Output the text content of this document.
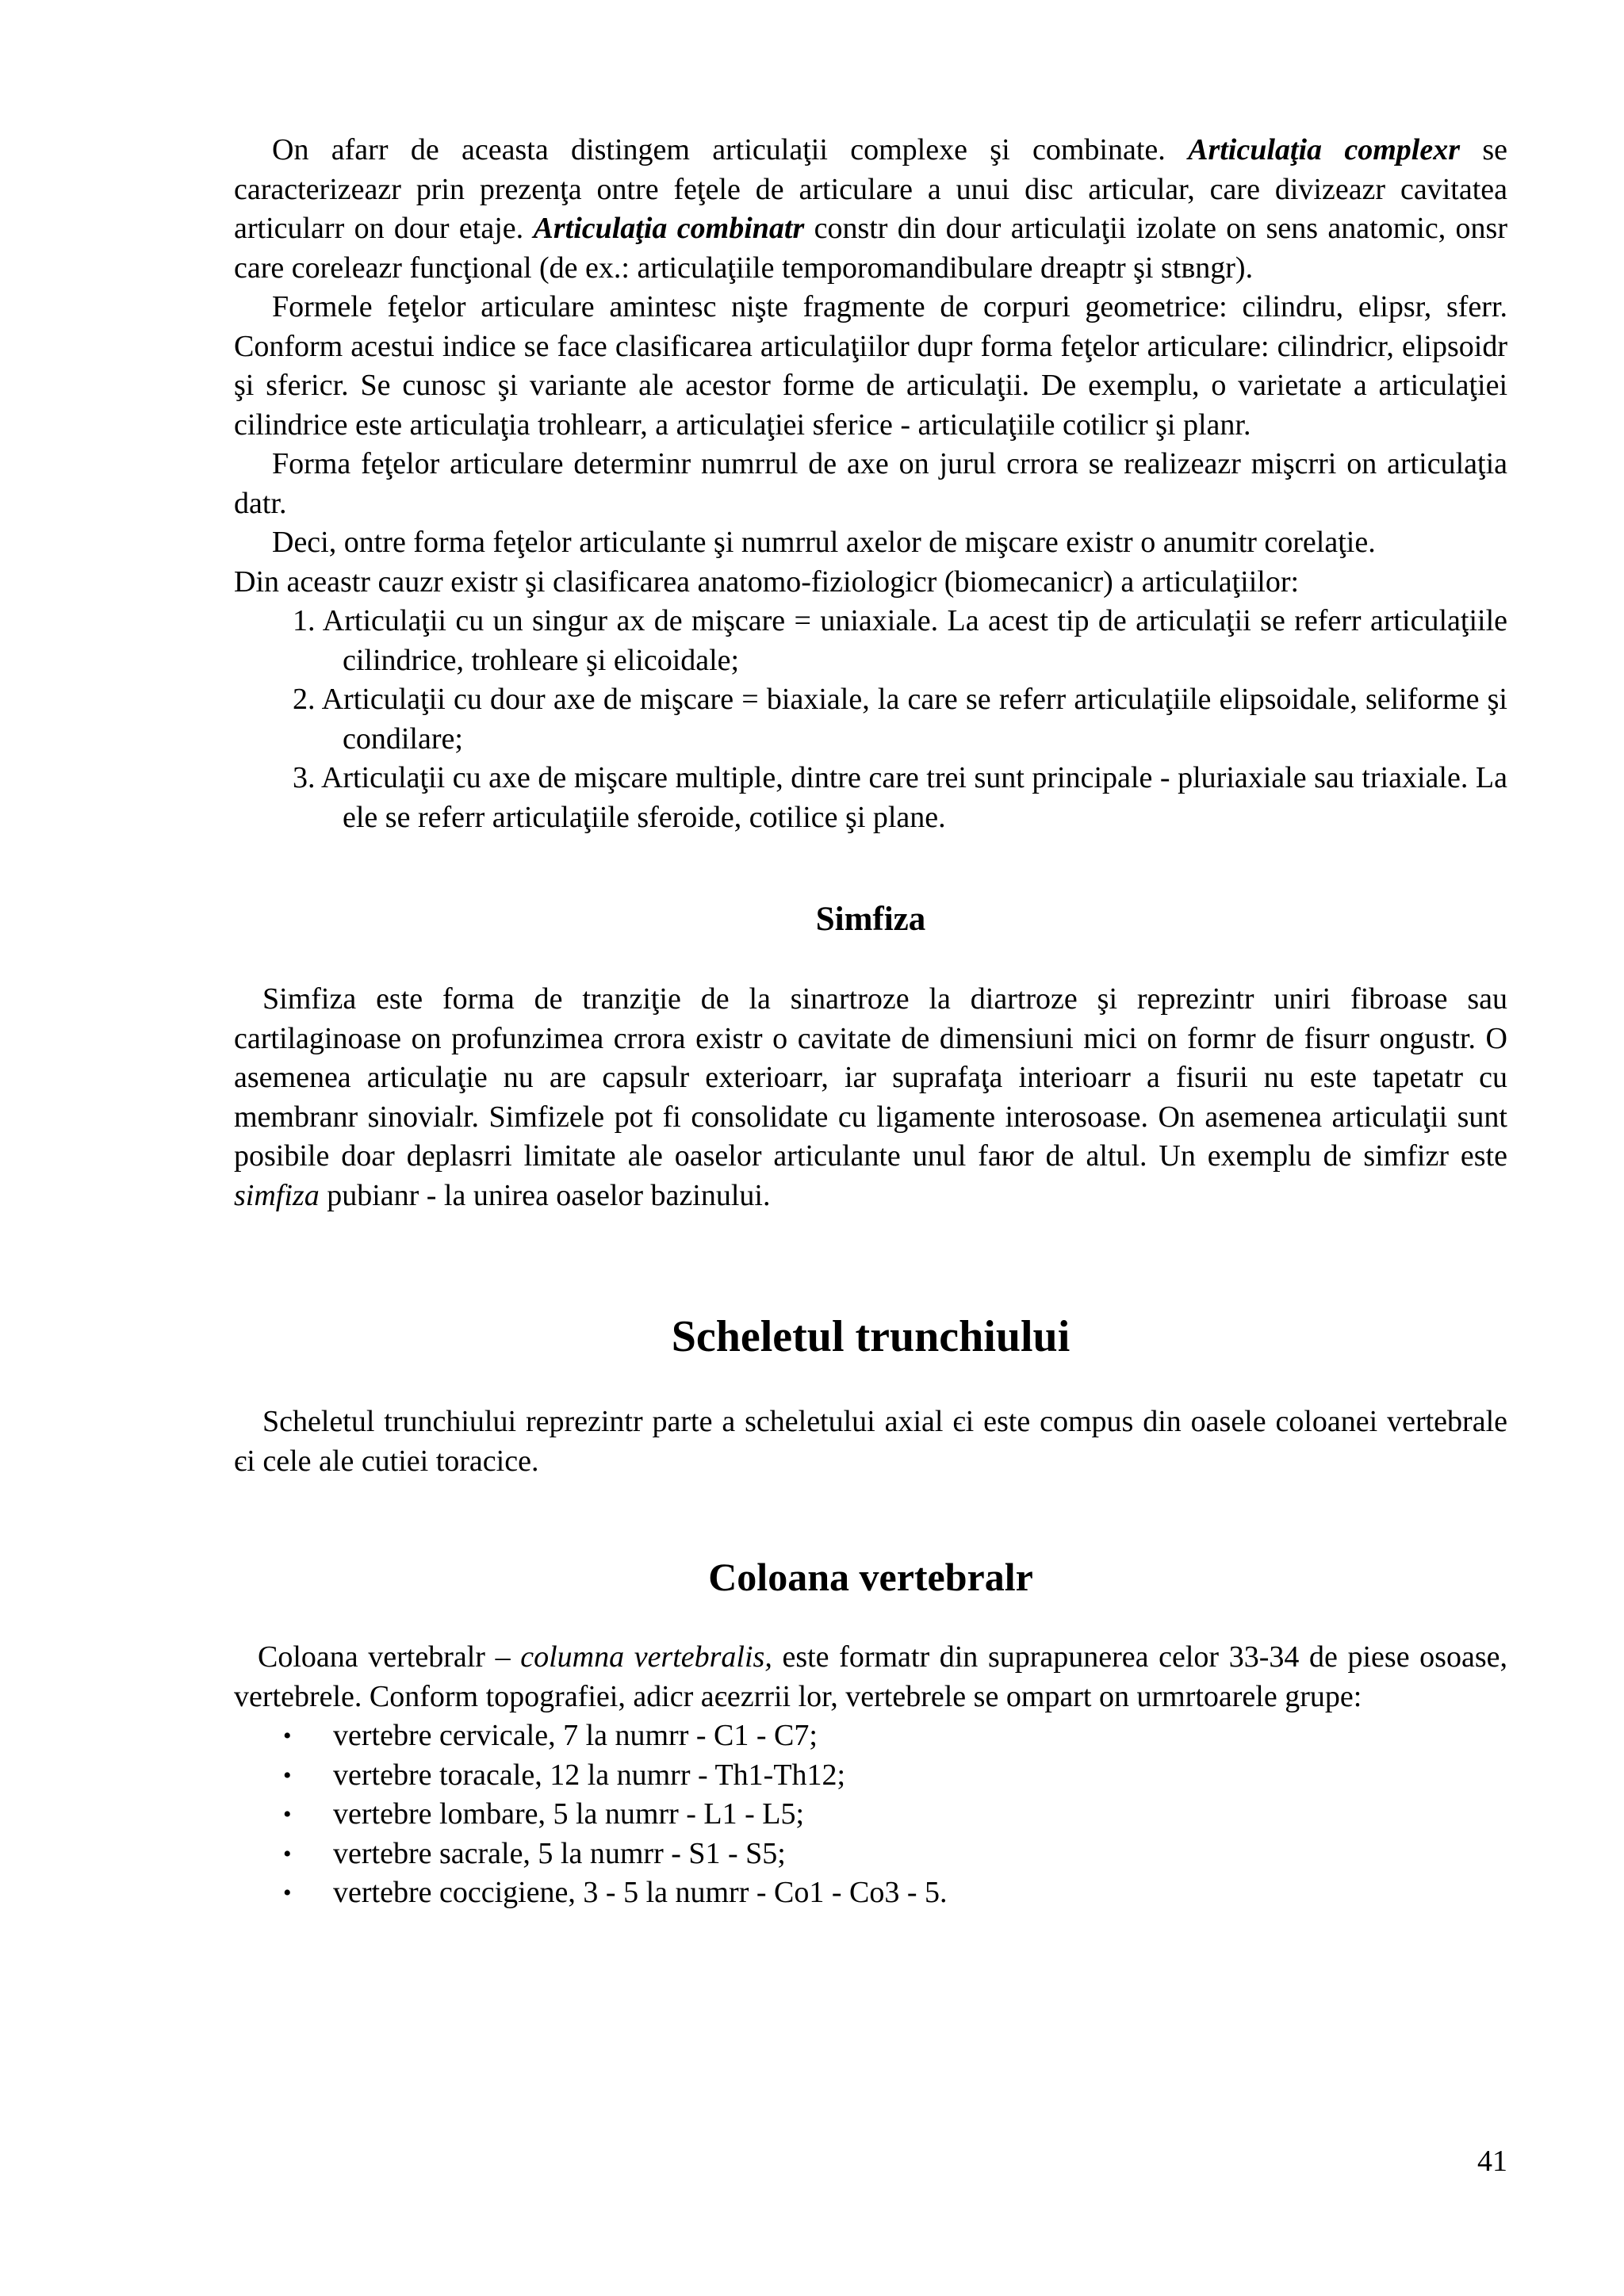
On afarr de aceasta distingem articulaţii complexe şi combinate. Articulaţia complexr se caracterizeazr prin prezenţa ontre feţele de articulare a unui disc articular, care divizeazr cavitatea articularr on dour etaje. Articulaţia combinatr constr din dour articulaţii izolate on sens anatomic, onsr care coreleazr funcţional (de ex.: articulaţiile temporomandibulare dreaptr şi stвngr).

Formele feţelor articulare amintesc nişte fragmente de corpuri geometrice: cilindru, elipsr, sferr. Conform acestui indice se face clasificarea articulaţiilor dupr forma feţelor articulare: cilindricr, elipsoidr şi sfericr. Se cunosc şi variante ale acestor forme de articulaţii. De exemplu, o varietate a articulaţiei cilindrice este articulaţia trohlearr, a articulaţiei sferice - articulaţiile cotilicr şi planr.

Forma feţelor articulare determinr numrrul de axe on jurul crrora se realizeazr mişcrri on articulaţia datr.

Deci, ontre forma feţelor articulante şi numrrul axelor de mişcare existr o anumitr corelaţie.

Din aceastr cauzr existr şi clasificarea anatomo-fiziologicr (biomecanicr) a articulaţiilor:

1. Articulaţii cu un singur ax de mişcare = uniaxiale. La acest tip de articulaţii se referr articulaţiile cilindrice, trohleare şi elicoidale;
2. Articulaţii cu dour axe de mişcare = biaxiale, la care se referr articulaţiile elipsoidale, seliforme şi condilare;
3. Articulaţii cu axe de mişcare multiple, dintre care trei sunt principale - pluriaxiale sau triaxiale. La ele se referr articulaţiile sferoide, cotilice şi plane.
Simfiza

Simfiza este forma de tranziţie de la sinartroze la diartroze şi reprezintr uniri fibroase sau cartilaginoase on profunzimea crrora existr o cavitate de dimensiuni mici on formr de fisurr ongustr. O asemenea articulaţie nu are capsulr exterioarr, iar suprafaţa interioarr a fisurii nu este tapetatr cu membranr sinovialr. Simfizele pot fi consolidate cu ligamente interosoase. On asemenea articulaţii sunt posibile doar deplasrri limitate ale oaselor articulante unul faюr de altul. Un exemplu de simfizr este simfiza pubianr - la unirea oaselor bazinului.

Scheletul trunchiului

Scheletul trunchiului reprezintr parte a scheletului axial єi este compus din oasele coloanei vertebrale єi cele ale cutiei toracice.

Coloana vertebralr

Coloana vertebralr – columna vertebralis, este formatr din suprapunerea celor 33-34 de piese osoase, vertebrele. Conform topografiei, adicr aєezrrii lor, vertebrele se ompart on urmrtoarele grupe:

• vertebre cervicale, 7 la numrr - C1 - C7;
• vertebre toracale, 12 la numrr - Th1-Th12;
• vertebre lombare, 5 la numrr - L1 - L5;
• vertebre sacrale, 5 la numrr - S1 - S5;
• vertebre coccigiene, 3 - 5 la numrr - Co1 - Co3 - 5.
41
